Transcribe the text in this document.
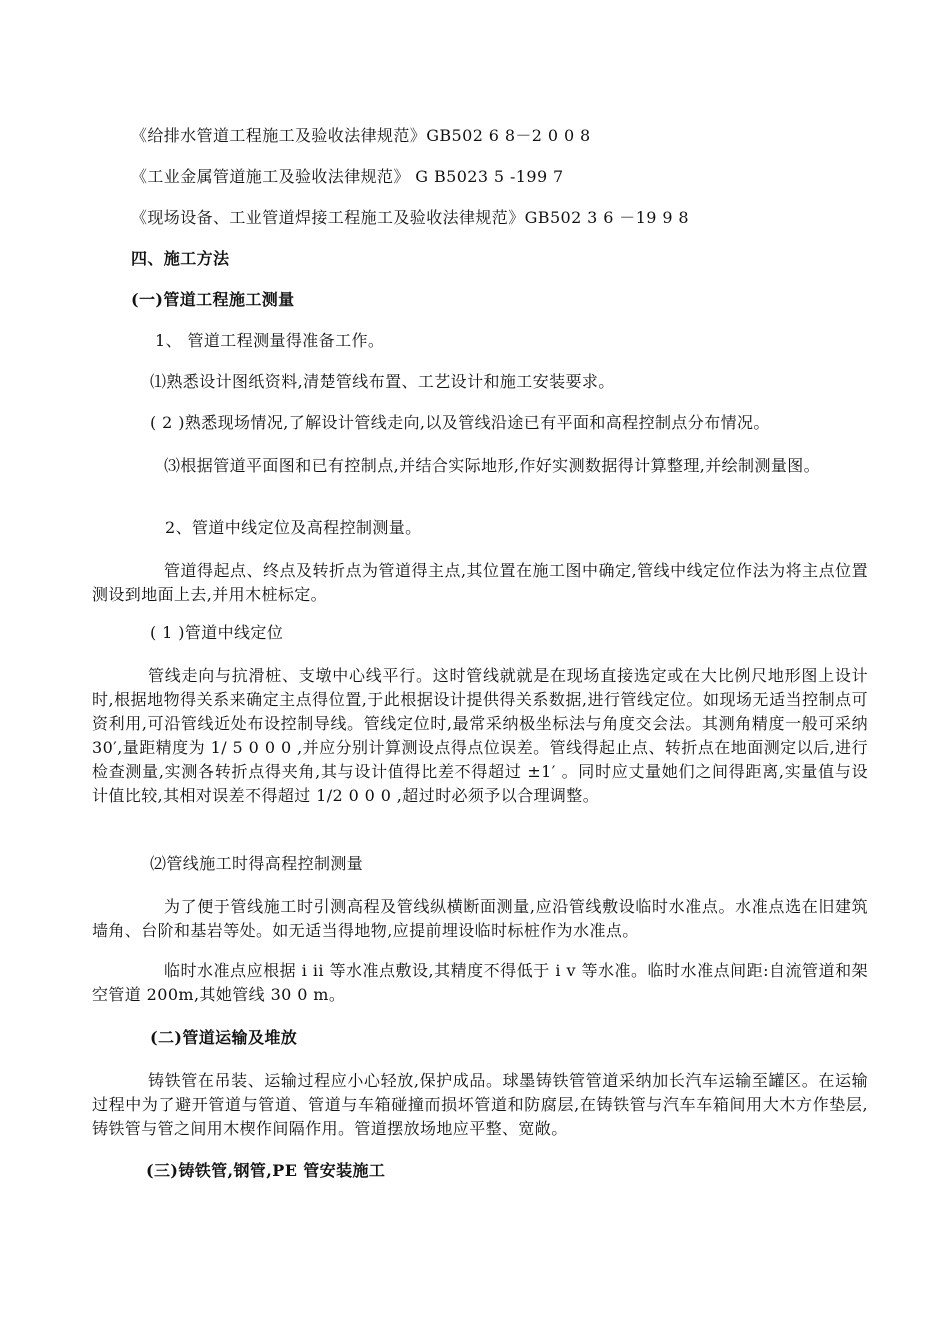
《给排水管道工程施工及验收法律规范》GB502 6 8－2 0 0 8
《工业金属管道施工及验收法律规范》 G B5023 5 -199 7
《现场设备、工业管道焊接工程施工及验收法律规范》GB502 3 6 －19 9 8
四、施工方法
(一)管道工程施工测量
1、 管道工程测量得准备工作。
⑴熟悉设计图纸资料,清楚管线布置、工艺设计和施工安装要求。
( 2 )熟悉现场情况,了解设计管线走向,以及管线沿途已有平面和高程控制点分布情况。
⑶根据管道平面图和已有控制点,并结合实际地形,作好实测数据得计算整理,并绘制测量图。
2、管道中线定位及高程控制测量。
管道得起点、终点及转折点为管道得主点,其位置在施工图中确定,管线中线定位作法为将主点位置测设到地面上去,并用木桩标定。
( 1 )管道中线定位
管线走向与抗滑桩、支墩中心线平行。这时管线就就是在现场直接选定或在大比例尺地形图上设计时,根据地物得关系来确定主点得位置,于此根据设计提供得关系数据,进行管线定位。如现场无适当控制点可资利用,可沿管线近处布设控制导线。管线定位时,最常采纳极坐标法与角度交会法。其测角精度一般可采纳 30′,量距精度为 1/ 5 0 0 0 ,并应分别计算测设点得点位误差。管线得起止点、转折点在地面测定以后,进行检查测量,实测各转折点得夹角,其与设计值得比差不得超过 ±1′ 。同时应丈量她们之间得距离,实量值与设计值比较,其相对误差不得超过 1/2 0 0 0 ,超过时必须予以合理调整。
⑵管线施工时得高程控制测量
为了便于管线施工时引测高程及管线纵横断面测量,应沿管线敷设临时水准点。水准点选在旧建筑墙角、台阶和基岩等处。如无适当得地物,应提前埋设临时标桩作为水准点。
临时水准点应根据 i ii 等水准点敷设,其精度不得低于 i v 等水准。临时水准点间距:自流管道和架空管道 200m,其她管线 30 0 m。
(二)管道运输及堆放
铸铁管在吊装、运输过程应小心轻放,保护成品。球墨铸铁管管道采纳加长汽车运输至罐区。在运输过程中为了避开管道与管道、管道与车箱碰撞而损坏管道和防腐层,在铸铁管与汽车车箱间用大木方作垫层,铸铁管与管之间用木楔作间隔作用。管道摆放场地应平整、宽敞。
(三)铸铁管,钢管,PE 管安装施工
